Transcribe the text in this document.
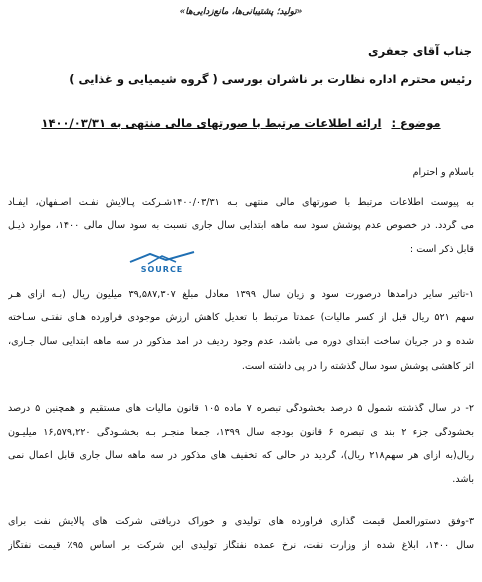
«تولید؛ پشتیبانی‌ها، مانع‌زدایی‌ها»
جناب آقای جعفری
رئیس محترم اداره نظارت بر ناشران بورسی ( گروه شیمیایی و غذایی )
موضوع : ارائه اطلاعات مرتبط با صورتهای مالی منتهی به ۱۴۰۰/۰۳/۳۱
باسلام و احترام
به پیوست اطلاعات مرتبط با صورتهای مالی منتهی بـه ۱۴۰۰/۰۳/۳۱شـرکت پـالایش نفـت اصـفهان، ایفـاد
می گردد. در خصوص عدم پوشش سود سه ماهه ابتدایی سال جاری نسبت به سود سال مالی ۱۴۰۰، موارد ذیـل
قابل ذکر است :
SOURCE
۱-تأثیر سایر درآمدها درصورت سود و زیان سال ۱۳۹۹ معادل مبلغ ۳۹,۵۸۷,۳۰۷ میلیون ریال (بـه ازای هـر
سهم ۵۲۱ ریال قبل از کسر مالیات) عمدتاً مرتبط با تعدیل کاهش ارزش موجودی فرآورده هـای نفتـی سـاخته
شده و در جریان ساخت ابتدای دوره می باشد، عدم وجود ردیف در آمد مذکور در سه ماهه ابتدایی سال جـاری،
اثر کاهشی پوشش سود سال گذشته را در پی داشته است.
۲- در سال گذشته شمول ۵ درصد بخشودگی تبصره ۷ ماده ۱۰۵ قانون مالیات های مستقیم و همچنین ۵ درصد
بخشودگی جزء ۲ بند ی تبصره ۶ قانون بودجه سال ۱۳۹۹، جمعاً منجـر بـه بخشـودگی ۱۶,۵۷۹,۲۲۰ میلیـون
ریال(به ازای هر سهم۲۱۸ ریال)، گردید در حالی که تخفیف های مذکور در سه ماهه سال جاری قابل اعمال نمی
باشد.
۳-وفق دستورالعمل قیمت گذاری فرآورده های تولیدی و خوراک دریافتی شرکت های پالایش نفت برای
سال ۱۴۰۰، ابلاغ شده از وزارت نفت، نرخ عمده نفتگاز تولیدی این شرکت بر اساس ۹۵٪ قیمت نفتگاز
